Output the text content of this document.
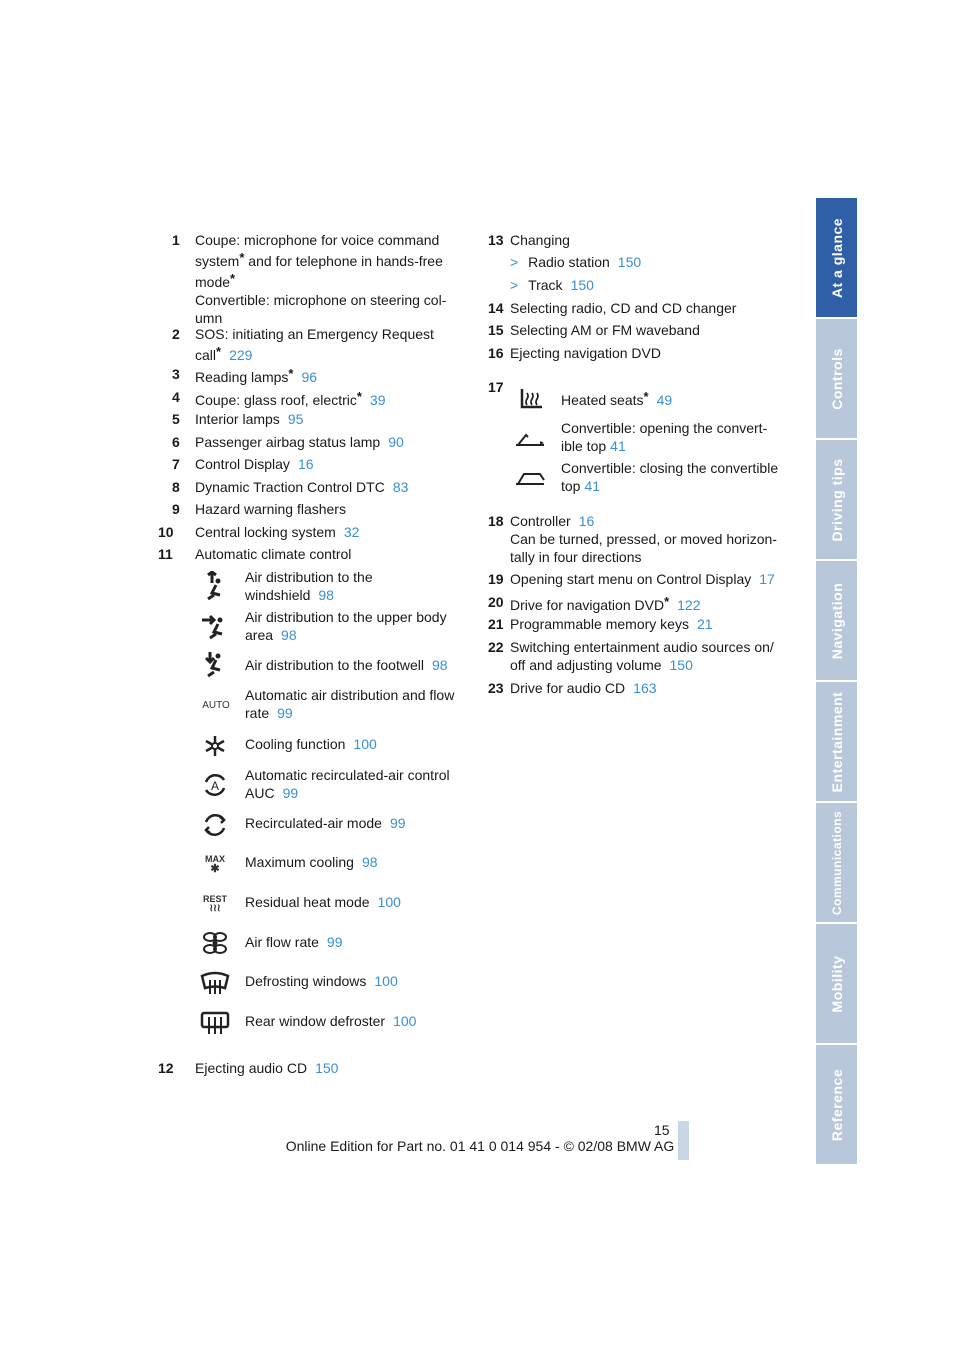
At a glance
Controls
Driving tips
Navigation
Entertainment
Communications
Mobility
Reference
1 Coupe: microphone for voice command
system* and for telephone in hands-free
mode*
Convertible: microphone on steering col-
umn
2 SOS: initiating an Emergency Request
call* 229
3 Reading lamps* 96
4 Coupe: glass roof, electric* 39
5 Interior lamps 95
6 Passenger airbag status lamp 90
7 Control Display 16
8 Dynamic Traction Control DTC 83
9 Hazard warning flashers
10 Central locking system 32
11 Automatic climate control
Air distribution to the
windshield 98
Air distribution to the upper body
area 98
Air distribution to the footwell 98
AUTO
Automatic air distribution and flow
rate 99
Cooling function 100
A
Automatic recirculated-air control
AUC 99
Recirculated-air mode 99
MAX
✱	Maximum cooling 98
REST
≀≀≀	Residual heat mode 100
Air flow rate 99
Defrosting windows 100
Rear window defroster 100
12 Ejecting audio CD 150
13 Changing
> Radio station 150
> Track 150
14 Selecting radio, CD and CD changer
15 Selecting AM or FM waveband
16 Ejecting navigation DVD
17
Heated seats* 49
Convertible: opening the convert-
ible top 41
Convertible: closing the convertible
top 41
18 Controller 16
Can be turned, pressed, or moved horizon-
tally in four directions
19 Opening start menu on Control Display 17
20 Drive for navigation DVD* 122
21 Programmable memory keys 21
22 Switching entertainment audio sources on/
off and adjusting volume 150
23 Drive for audio CD 163
15
Online Edition for Part no. 01 41 0 014 954 - © 02/08 BMW AG
